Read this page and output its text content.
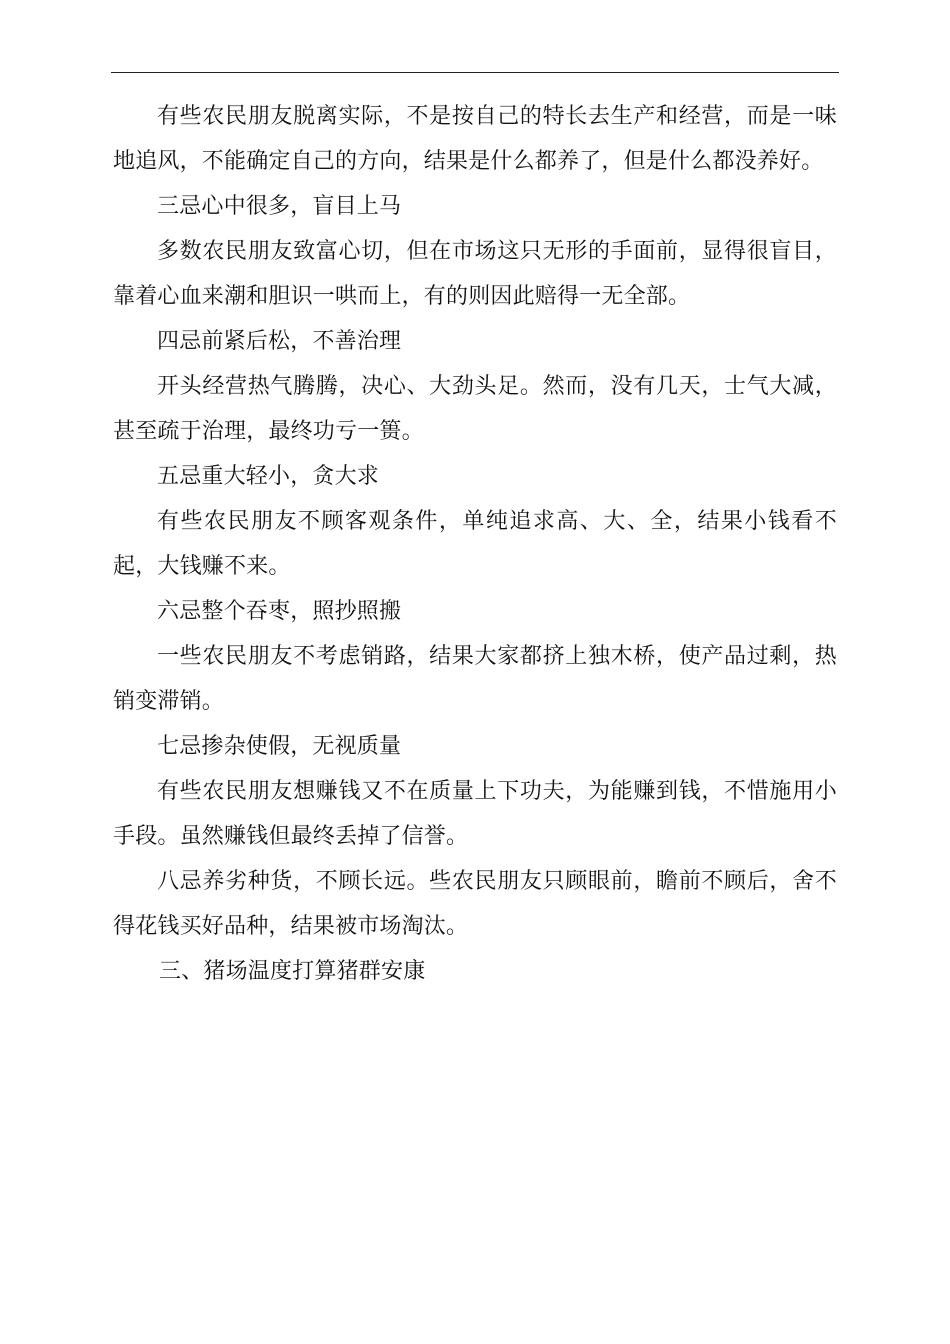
有些农民朋友脱离实际，不是按自己的特长去生产和经营，而是一味地追风，不能确定自己的方向，结果是什么都养了，但是什么都没养好。

三忌心中很多，盲目上马

多数农民朋友致富心切，但在市场这只无形的手面前，显得很盲目，靠着心血来潮和胆识一哄而上，有的则因此赔得一无全部。

四忌前紧后松，不善治理

开头经营热气腾腾，决心、大劲头足。然而，没有几天，士气大减，甚至疏于治理，最终功亏一篑。

五忌重大轻小，贪大求

有些农民朋友不顾客观条件，单纯追求高、大、全，结果小钱看不起，大钱赚不来。

六忌整个吞枣，照抄照搬

一些农民朋友不考虑销路，结果大家都挤上独木桥，使产品过剩，热销变滞销。

七忌掺杂使假，无视质量

有些农民朋友想赚钱又不在质量上下功夫，为能赚到钱，不惜施用小手段。虽然赚钱但最终丢掉了信誉。

八忌养劣种货，不顾长远。些农民朋友只顾眼前，瞻前不顾后，舍不得花钱买好品种，结果被市场淘汰。

三、猪场温度打算猪群安康
